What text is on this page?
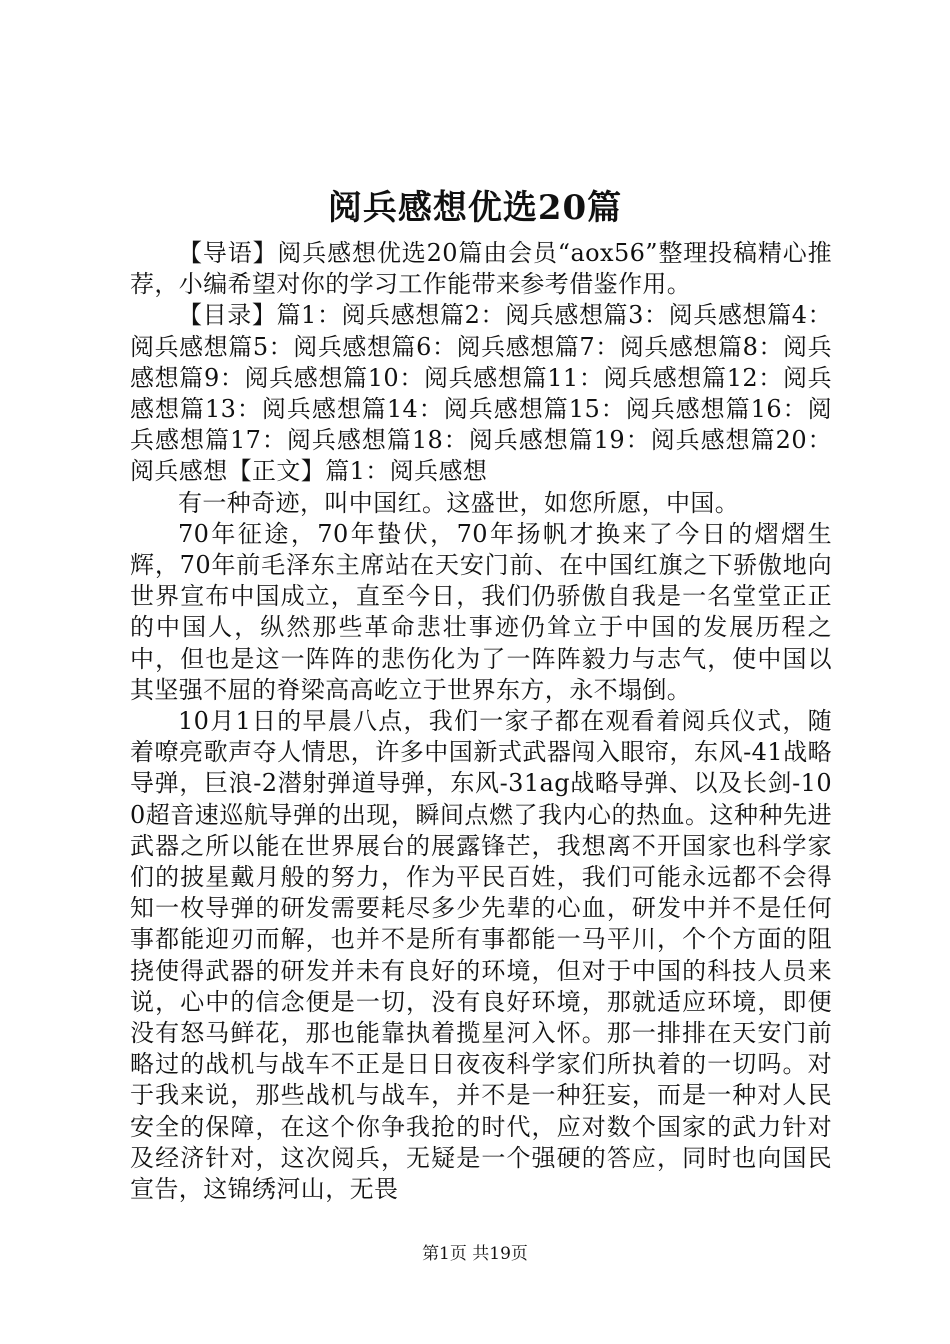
阅兵感想优选20篇

【导语】阅兵感想优选20篇由会员“aox56”整理投稿精心推荐，小编希望对你的学习工作能带来参考借鉴作用。

【目录】篇1：阅兵感想篇2：阅兵感想篇3：阅兵感想篇4：阅兵感想篇5：阅兵感想篇6：阅兵感想篇7：阅兵感想篇8：阅兵感想篇9：阅兵感想篇10：阅兵感想篇11：阅兵感想篇12：阅兵感想篇13：阅兵感想篇14：阅兵感想篇15：阅兵感想篇16：阅兵感想篇17：阅兵感想篇18：阅兵感想篇19：阅兵感想篇20：阅兵感想【正文】篇1：阅兵感想

有一种奇迹，叫中国红。这盛世，如您所愿，中国。

70年征途，70年蛰伏，70年扬帆才换来了今日的熠熠生辉，70年前毛泽东主席站在天安门前、在中国红旗之下骄傲地向世界宣布中国成立，直至今日，我们仍骄傲自我是一名堂堂正正的中国人，纵然那些革命悲壮事迹仍耸立于中国的发展历程之中，但也是这一阵阵的悲伤化为了一阵阵毅力与志气，使中国以其坚强不屈的脊梁高高屹立于世界东方，永不塌倒。

10月1日的早晨八点，我们一家子都在观看着阅兵仪式，随着嘹亮歌声夺人情思，许多中国新式武器闯入眼帘，东风-41战略导弹，巨浪-2潜射弹道导弹，东风-31ag战略导弹、以及长剑-100超音速巡航导弹的出现，瞬间点燃了我内心的热血。这种种先进武器之所以能在世界展台的展露锋芒，我想离不开国家也科学家们的披星戴月般的努力，作为平民百姓，我们可能永远都不会得知一枚导弹的研发需要耗尽多少先辈的心血，研发中并不是任何事都能迎刃而解，也并不是所有事都能一马平川，个个方面的阻挠使得武器的研发并未有良好的环境，但对于中国的科技人员来说，心中的信念便是一切，没有良好环境，那就适应环境，即便没有怒马鲜花，那也能靠执着揽星河入怀。那一排排在天安门前略过的战机与战车不正是日日夜夜科学家们所执着的一切吗。对于我来说，那些战机与战车，并不是一种狂妄，而是一种对人民安全的保障，在这个你争我抢的时代，应对数个国家的武力针对及经济针对，这次阅兵，无疑是一个强硬的答应，同时也向国民宣告，这锦绣河山，无畏

第1页 共19页
